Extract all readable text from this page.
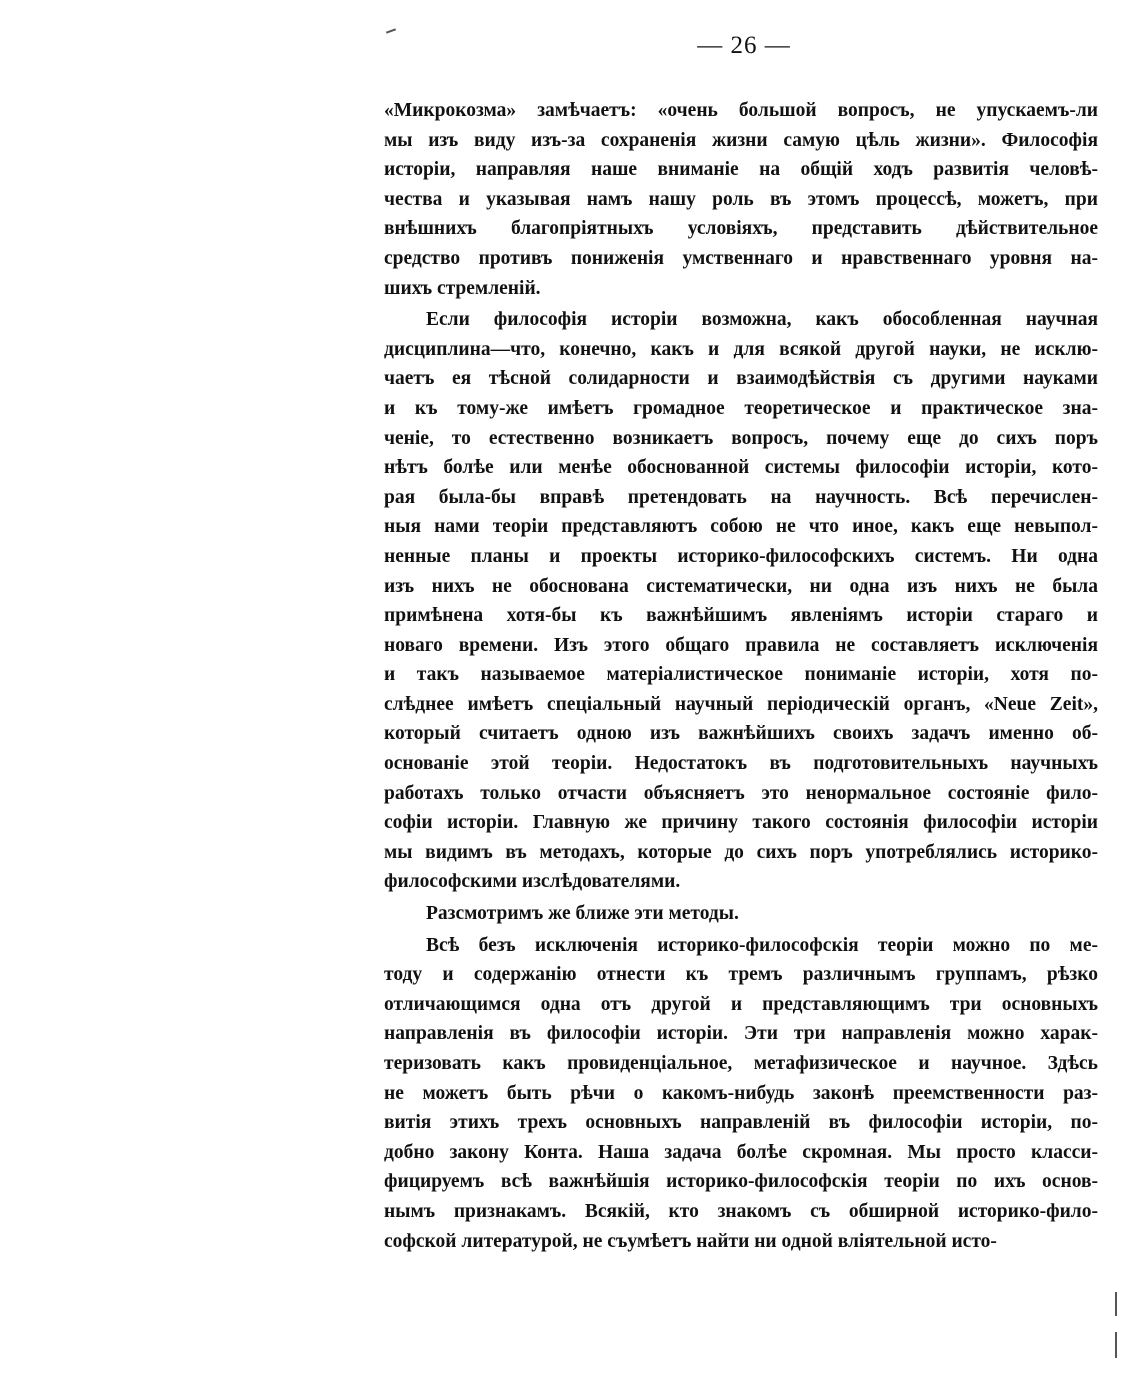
— 26 —
«Микрокозма» замѣчаетъ: «очень большой вопросъ, не упускаемъ-ли
мы изъ виду изъ-за сохраненія жизни самую цѣль жизни». Философія
исторіи, направляя наше вниманіе на общій ходъ развитія человѣ-
чества и указывая намъ нашу роль въ этомъ процессѣ, можетъ, при
внѣшнихъ благопріятныхъ условіяхъ, представить дѣйствительное
средство противъ пониженія умственнаго и нравственнаго уровня на-
шихъ стремленій.
Если философія исторіи возможна, какъ обособленная научная
дисциплина—что, конечно, какъ и для всякой другой науки, не исклю-
чаетъ ея тѣсной солидарности и взаимодѣйствія съ другими науками
и къ тому-же имѣетъ громадное теоретическое и практическое зна-
ченіе, то естественно возникаетъ вопросъ, почему еще до сихъ поръ
нѣтъ болѣе или менѣе обоснованной системы философіи исторіи, кото-
рая была-бы вправѣ претендовать на научность. Всѣ перечислен-
ныя нами теоріи представляютъ собою не что иное, какъ еще невыпол-
ненные планы и проекты историко-философскихъ системъ. Ни одна
изъ нихъ не обоснована систематически, ни одна изъ нихъ не была
примѣнена хотя-бы къ важнѣйшимъ явленіямъ исторіи стараго и
новаго времени. Изъ этого общаго правила не составляетъ исключенія
и такъ называемое матеріалистическое пониманіе исторіи, хотя по-
слѣднее имѣетъ спеціальный научный періодическій органъ, «Neue Zeit»,
который считаетъ одною изъ важнѣйшихъ своихъ задачъ именно об-
основаніе этой теоріи. Недостатокъ въ подготовительныхъ научныхъ
работахъ только отчасти объясняетъ это ненормальное состояніе фило-
софіи исторіи. Главную же причину такого состоянія философіи исторіи
мы видимъ въ методахъ, которые до сихъ поръ употреблялись историко-
философскими изслѣдователями.
Разсмотримъ же ближе эти методы.
Всѣ безъ исключенія историко-философскія теоріи можно по ме-
тоду и содержанію отнести къ тремъ различнымъ группамъ, рѣзко
отличающимся одна отъ другой и представляющимъ три основныхъ
направленія въ философіи исторіи. Эти три направленія можно харак-
теризовать какъ провиденціальное, метафизическое и научное. Здѣсь
не можетъ быть рѣчи о какомъ-нибудь законѣ преемственности раз-
витія этихъ трехъ основныхъ направленій въ философіи исторіи, по-
добно закону Конта. Наша задача болѣе скромная. Мы просто класси-
фицируемъ всѣ важнѣйшія историко-философскія теоріи по ихъ основ-
нымъ признакамъ. Всякій, кто знакомъ съ обширной историко-фило-
софской литературой, не съумѣетъ найти ни одной вліятельной исто-
